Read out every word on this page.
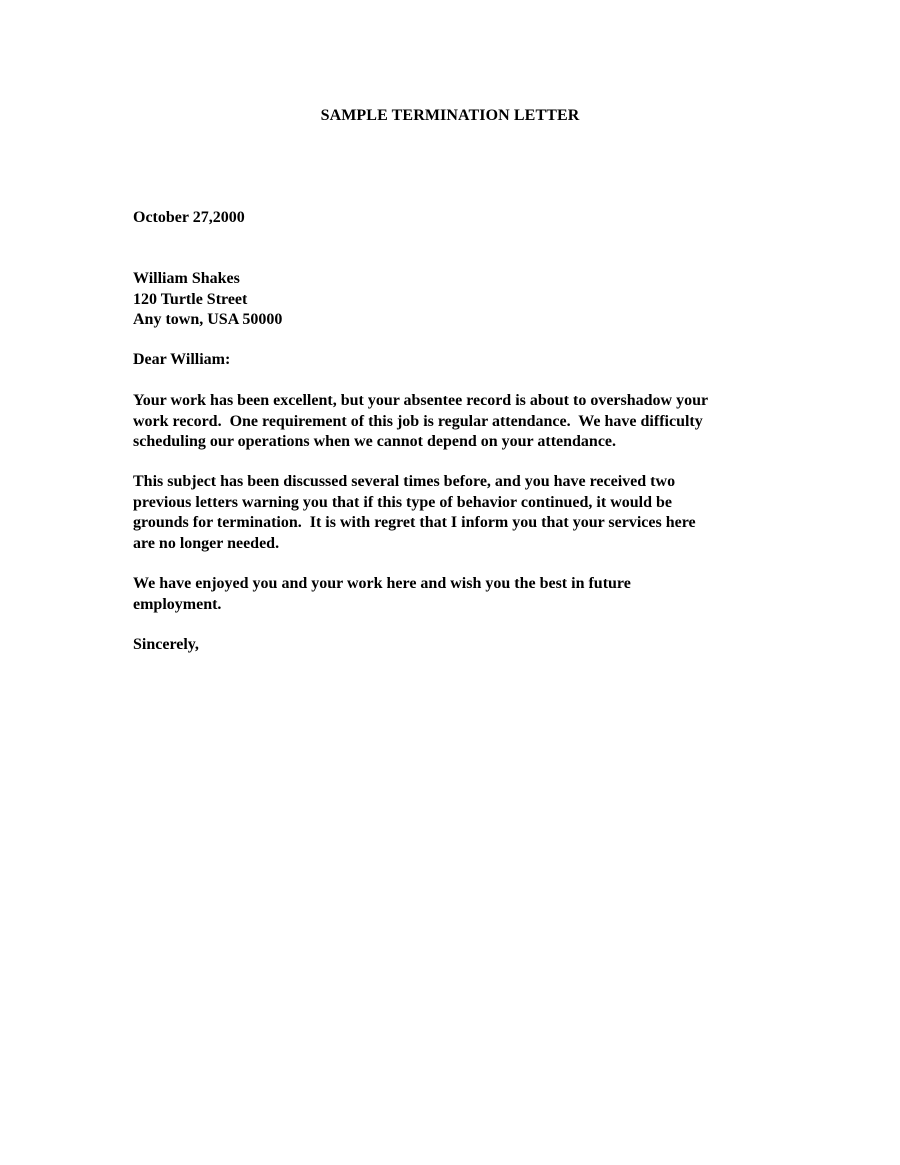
SAMPLE TERMINATION LETTER
October 27,2000
William Shakes
120 Turtle Street
Any town, USA 50000
Dear William:
Your work has been excellent, but your absentee record is about to overshadow your
work record.  One requirement of this job is regular attendance.  We have difficulty
scheduling our operations when we cannot depend on your attendance.
This subject has been discussed several times before, and you have received two
previous letters warning you that if this type of behavior continued, it would be
grounds for termination.  It is with regret that I inform you that your services here
are no longer needed.
We have enjoyed you and your work here and wish you the best in future
employment.
Sincerely,
